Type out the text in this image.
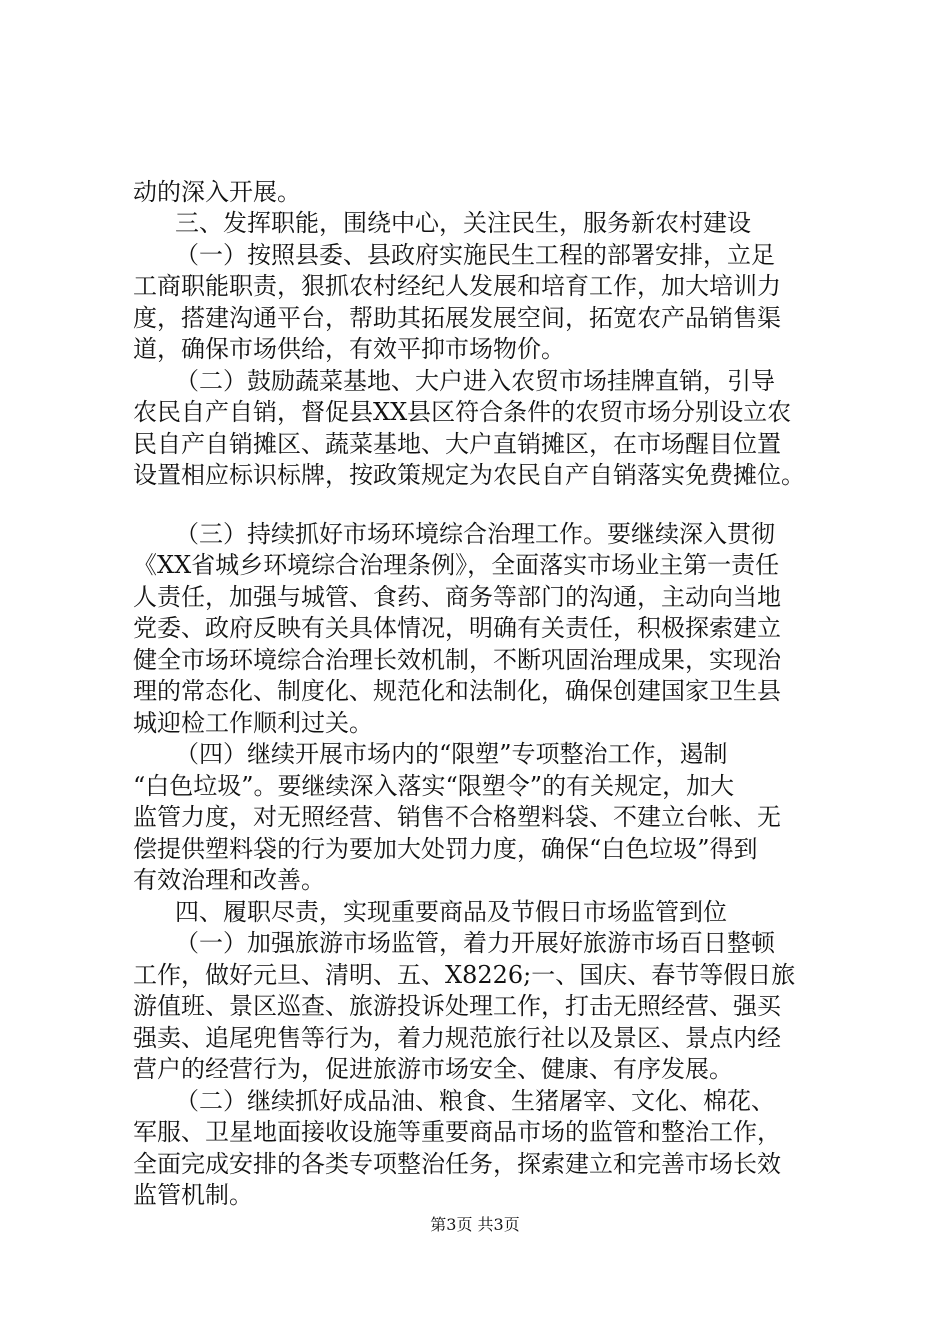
动的深入开展。
三、发挥职能，围绕中心，关注民生，服务新农村建设
（一）按照县委、县政府实施民生工程的部署安排，立足
工商职能职责，狠抓农村经纪人发展和培育工作，加大培训力
度，搭建沟通平台，帮助其拓展发展空间，拓宽农产品销售渠
道，确保市场供给，有效平抑市场物价。
（二）鼓励蔬菜基地、大户进入农贸市场挂牌直销，引导
农民自产自销，督促县XX县区符合条件的农贸市场分别设立农
民自产自销摊区、蔬菜基地、大户直销摊区，在市场醒目位置
设置相应标识标牌，按政策规定为农民自产自销落实免费摊位。
（三）持续抓好市场环境综合治理工作。要继续深入贯彻
《XX省城乡环境综合治理条例》，全面落实市场业主第一责任
人责任，加强与城管、食药、商务等部门的沟通，主动向当地
党委、政府反映有关具体情况，明确有关责任，积极探索建立
健全市场环境综合治理长效机制，不断巩固治理成果，实现治
理的常态化、制度化、规范化和法制化，确保创建国家卫生县
城迎检工作顺利过关。
（四）继续开展市场内的“限塑”专项整治工作，遏制
“白色垃圾”。要继续深入落实“限塑令”的有关规定，加大
监管力度，对无照经营、销售不合格塑料袋、不建立台帐、无
偿提供塑料袋的行为要加大处罚力度，确保“白色垃圾”得到
有效治理和改善。
四、履职尽责，实现重要商品及节假日市场监管到位
（一）加强旅游市场监管，着力开展好旅游市场百日整顿
工作，做好元旦、清明、五、X8226;一、国庆、春节等假日旅
游值班、景区巡查、旅游投诉处理工作，打击无照经营、强买
强卖、追尾兜售等行为，着力规范旅行社以及景区、景点内经
营户的经营行为，促进旅游市场安全、健康、有序发展。
（二）继续抓好成品油、粮食、生猪屠宰、文化、棉花、
军服、卫星地面接收设施等重要商品市场的监管和整治工作，
全面完成安排的各类专项整治任务，探索建立和完善市场长效
监管机制。
第3页 共3页
